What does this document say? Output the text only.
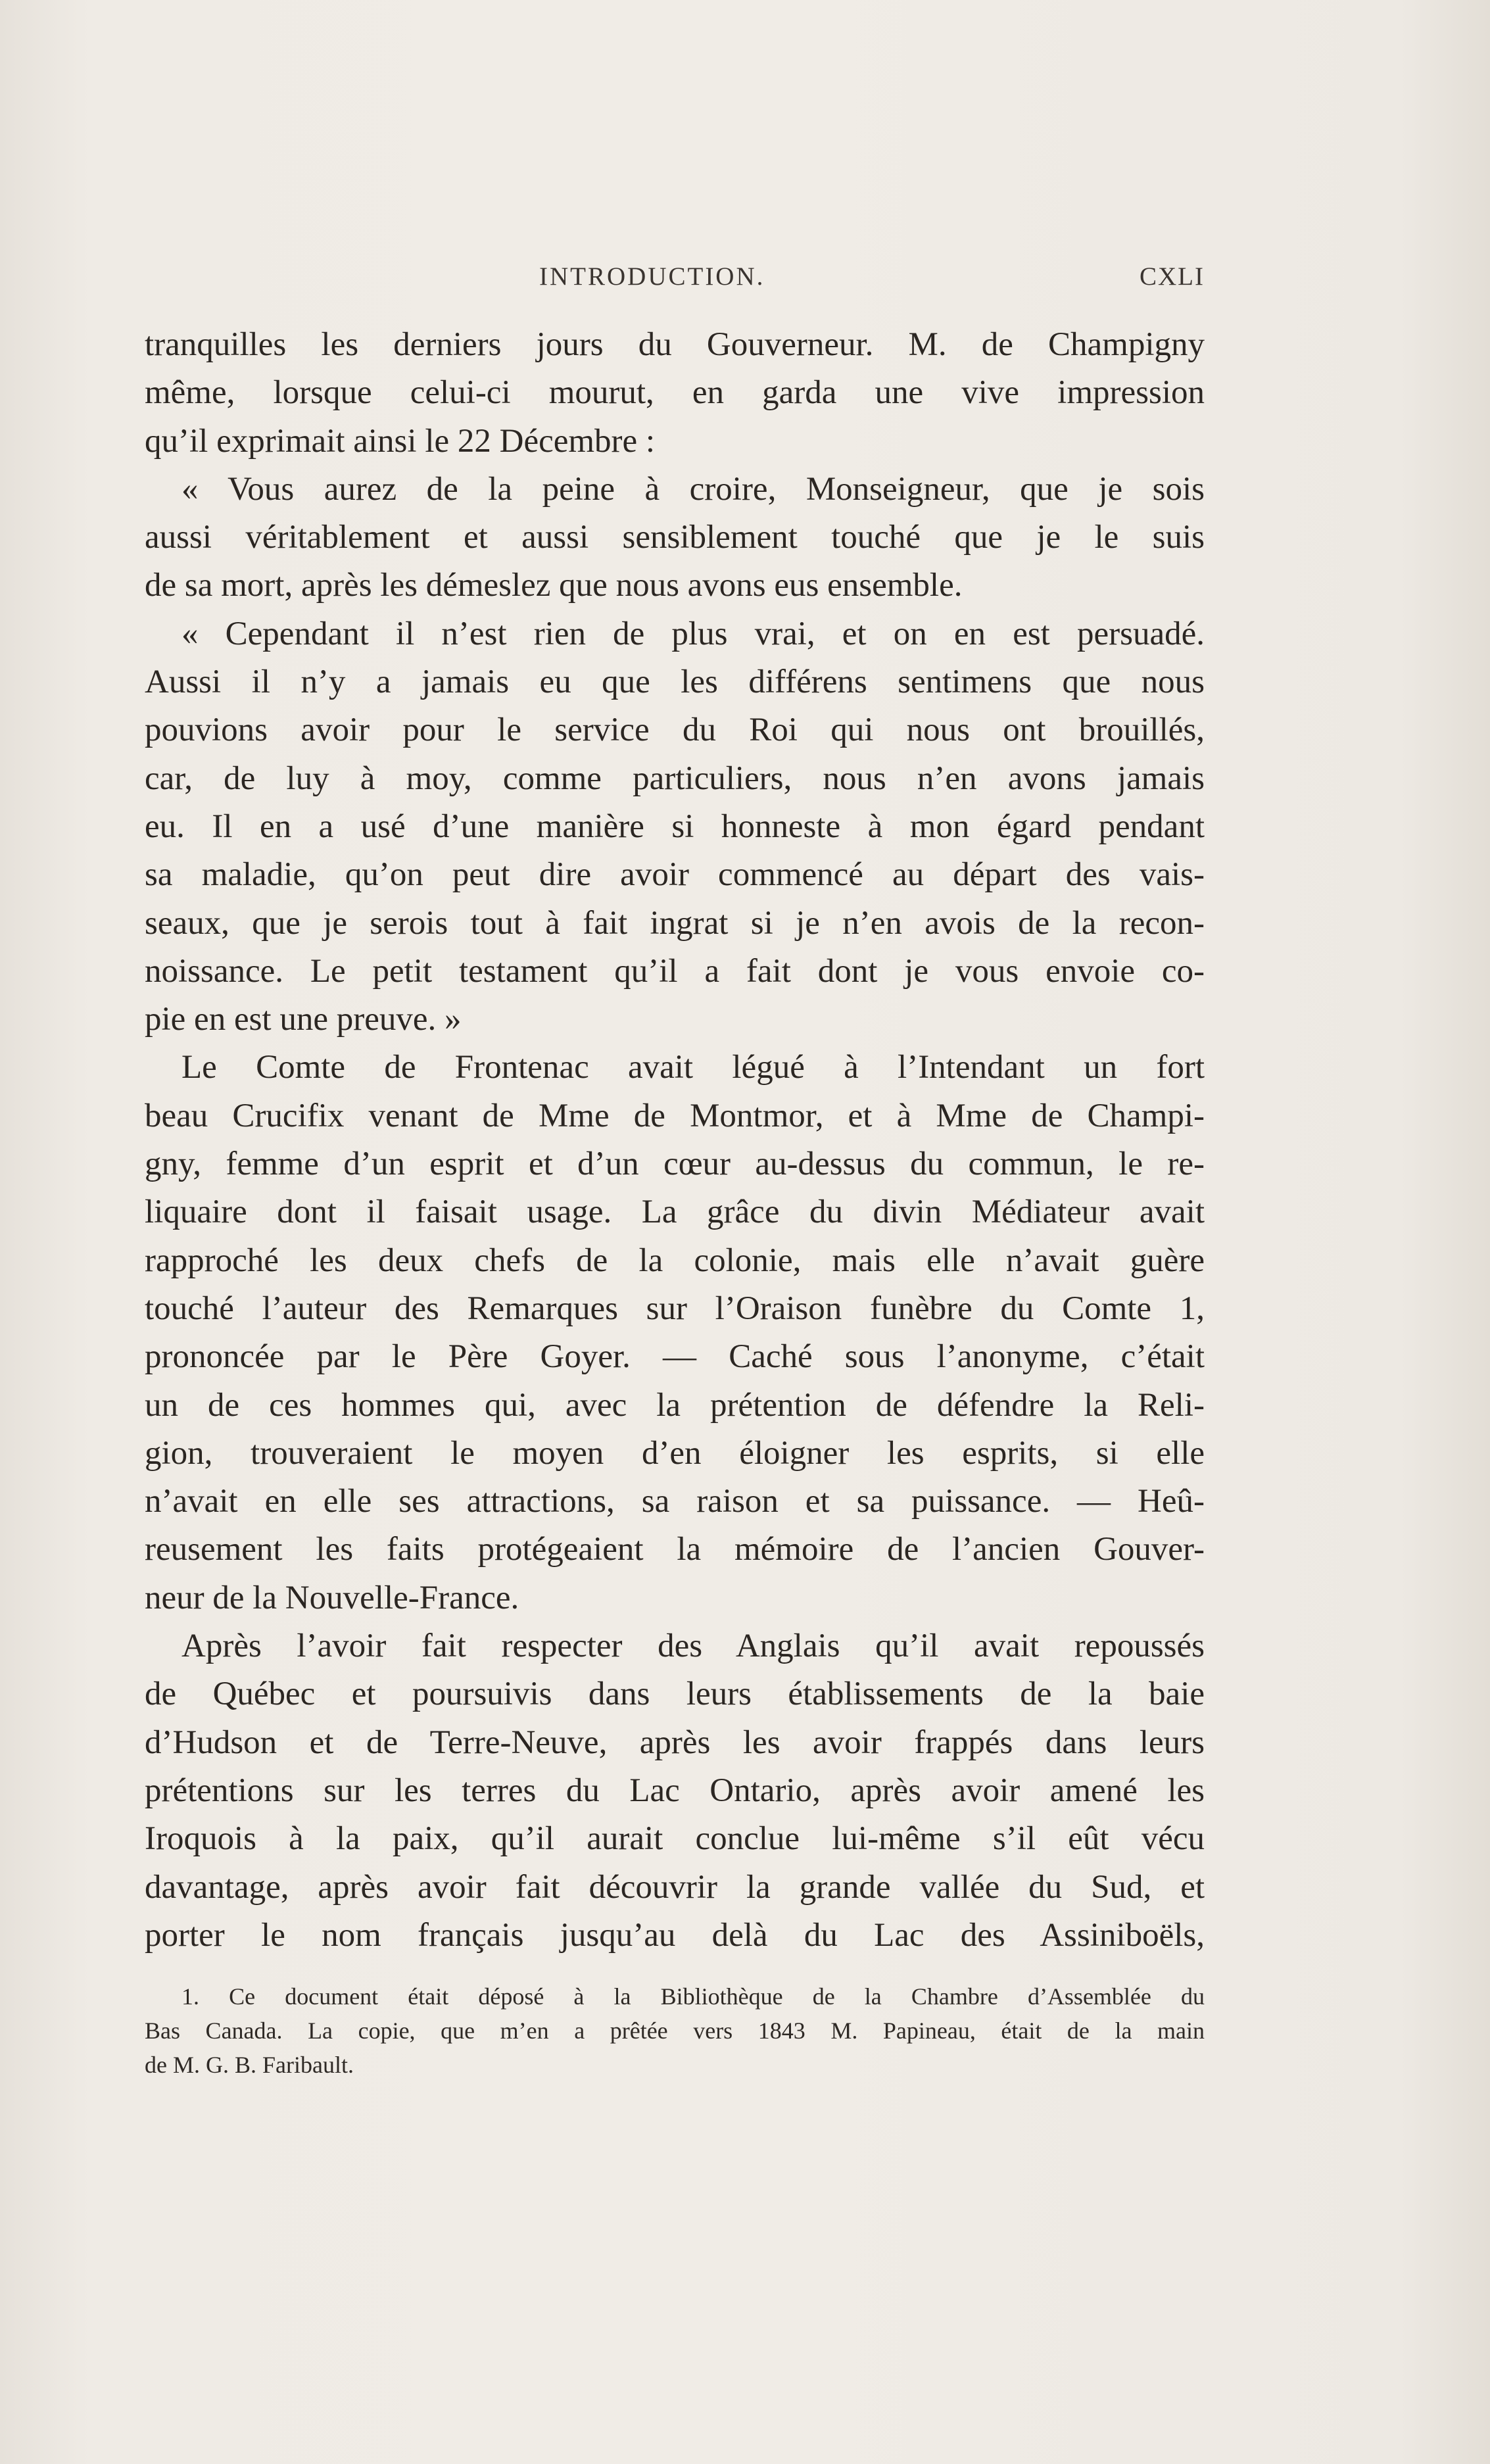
INTRODUCTION.	CXLI
tranquilles les derniers jours du Gouverneur. M. de Champigny
même, lorsque celui-ci mourut, en garda une vive impression
qu’il exprimait ainsi le 22 Décembre :
« Vous aurez de la peine à croire, Monseigneur, que je sois
aussi véritablement et aussi sensiblement touché que je le suis
de sa mort, après les démeslez que nous avons eus ensemble.
« Cependant il n’est rien de plus vrai, et on en est persuadé.
Aussi il n’y a jamais eu que les différens sentimens que nous
pouvions avoir pour le service du Roi qui nous ont brouillés,
car, de luy à moy, comme particuliers, nous n’en avons jamais
eu. Il en a usé d’une manière si honneste à mon égard pendant
sa maladie, qu’on peut dire avoir commencé au départ des vais-
seaux, que je serois tout à fait ingrat si je n’en avois de la recon-
noissance. Le petit testament qu’il a fait dont je vous envoie co-
pie en est une preuve. »
Le Comte de Frontenac avait légué à l’Intendant un fort
beau Crucifix venant de Mme de Montmor, et à Mme de Champi-
gny, femme d’un esprit et d’un cœur au-dessus du commun, le re-
liquaire dont il faisait usage. La grâce du divin Médiateur avait
rapproché les deux chefs de la colonie, mais elle n’avait guère
touché l’auteur des Remarques sur l’Oraison funèbre du Comte 1,
prononcée par le Père Goyer. — Caché sous l’anonyme, c’était
un de ces hommes qui, avec la prétention de défendre la Reli-
gion, trouveraient le moyen d’en éloigner les esprits, si elle
n’avait en elle ses attractions, sa raison et sa puissance. — Heû-
reusement les faits protégeaient la mémoire de l’ancien Gouver-
neur de la Nouvelle-France.
Après l’avoir fait respecter des Anglais qu’il avait repoussés
de Québec et poursuivis dans leurs établissements de la baie
d’Hudson et de Terre-Neuve, après les avoir frappés dans leurs
prétentions sur les terres du Lac Ontario, après avoir amené les
Iroquois à la paix, qu’il aurait conclue lui-même s’il eût vécu
davantage, après avoir fait découvrir la grande vallée du Sud, et
porter le nom français jusqu’au delà du Lac des Assiniboëls,
1. Ce document était déposé à la Bibliothèque de la Chambre d’Assemblée du
Bas Canada. La copie, que m’en a prêtée vers 1843 M. Papineau, était de la main
de M. G. B. Faribault.
